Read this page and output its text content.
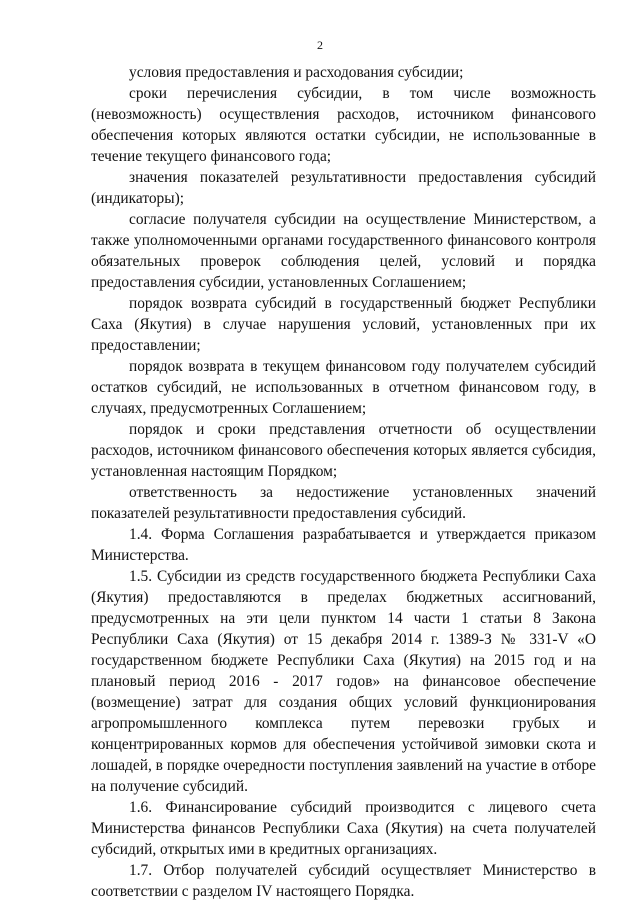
2

условия предоставления и расходования субсидии;

сроки перечисления субсидии, в том числе возможность (невозможность) осуществления расходов, источником финансового обеспечения которых являются остатки субсидии, не использованные в течение текущего финансового года;

значения показателей результативности предоставления субсидий (индикаторы);

согласие получателя субсидии на осуществление Министерством, а также уполномоченными органами государственного финансового контроля обязательных проверок соблюдения целей, условий и порядка предоставления субсидии, установленных Соглашением;

порядок возврата субсидий в государственный бюджет Республики Саха (Якутия) в случае нарушения условий, установленных при их предоставлении;

порядок возврата в текущем финансовом году получателем субсидий остатков субсидий, не использованных в отчетном финансовом году, в случаях, предусмотренных Соглашением;

порядок и сроки представления отчетности об осуществлении расходов, источником финансового обеспечения которых является субсидия, установленная настоящим Порядком;

ответственность за недостижение установленных значений показателей результативности предоставления субсидий.

1.4. Форма Соглашения разрабатывается и утверждается приказом Министерства.

1.5. Субсидии из средств государственного бюджета Республики Саха (Якутия) предоставляются в пределах бюджетных ассигнований, предусмотренных на эти цели пунктом 14 части 1 статьи 8 Закона Республики Саха (Якутия) от 15 декабря 2014 г. 1389-З № 331-V «О государственном бюджете Республики Саха (Якутия) на 2015 год и на плановый период 2016 - 2017 годов» на финансовое обеспечение (возмещение) затрат для создания общих условий функционирования агропромышленного комплекса путем перевозки грубых и концентрированных кормов для обеспечения устойчивой зимовки скота и лошадей, в порядке очередности поступления заявлений на участие в отборе на получение субсидий.

1.6. Финансирование субсидий производится с лицевого счета Министерства финансов Республики Саха (Якутия) на счета получателей субсидий, открытых ими в кредитных организациях.

1.7. Отбор получателей субсидий осуществляет Министерство в соответствии с разделом IV настоящего Порядка.
